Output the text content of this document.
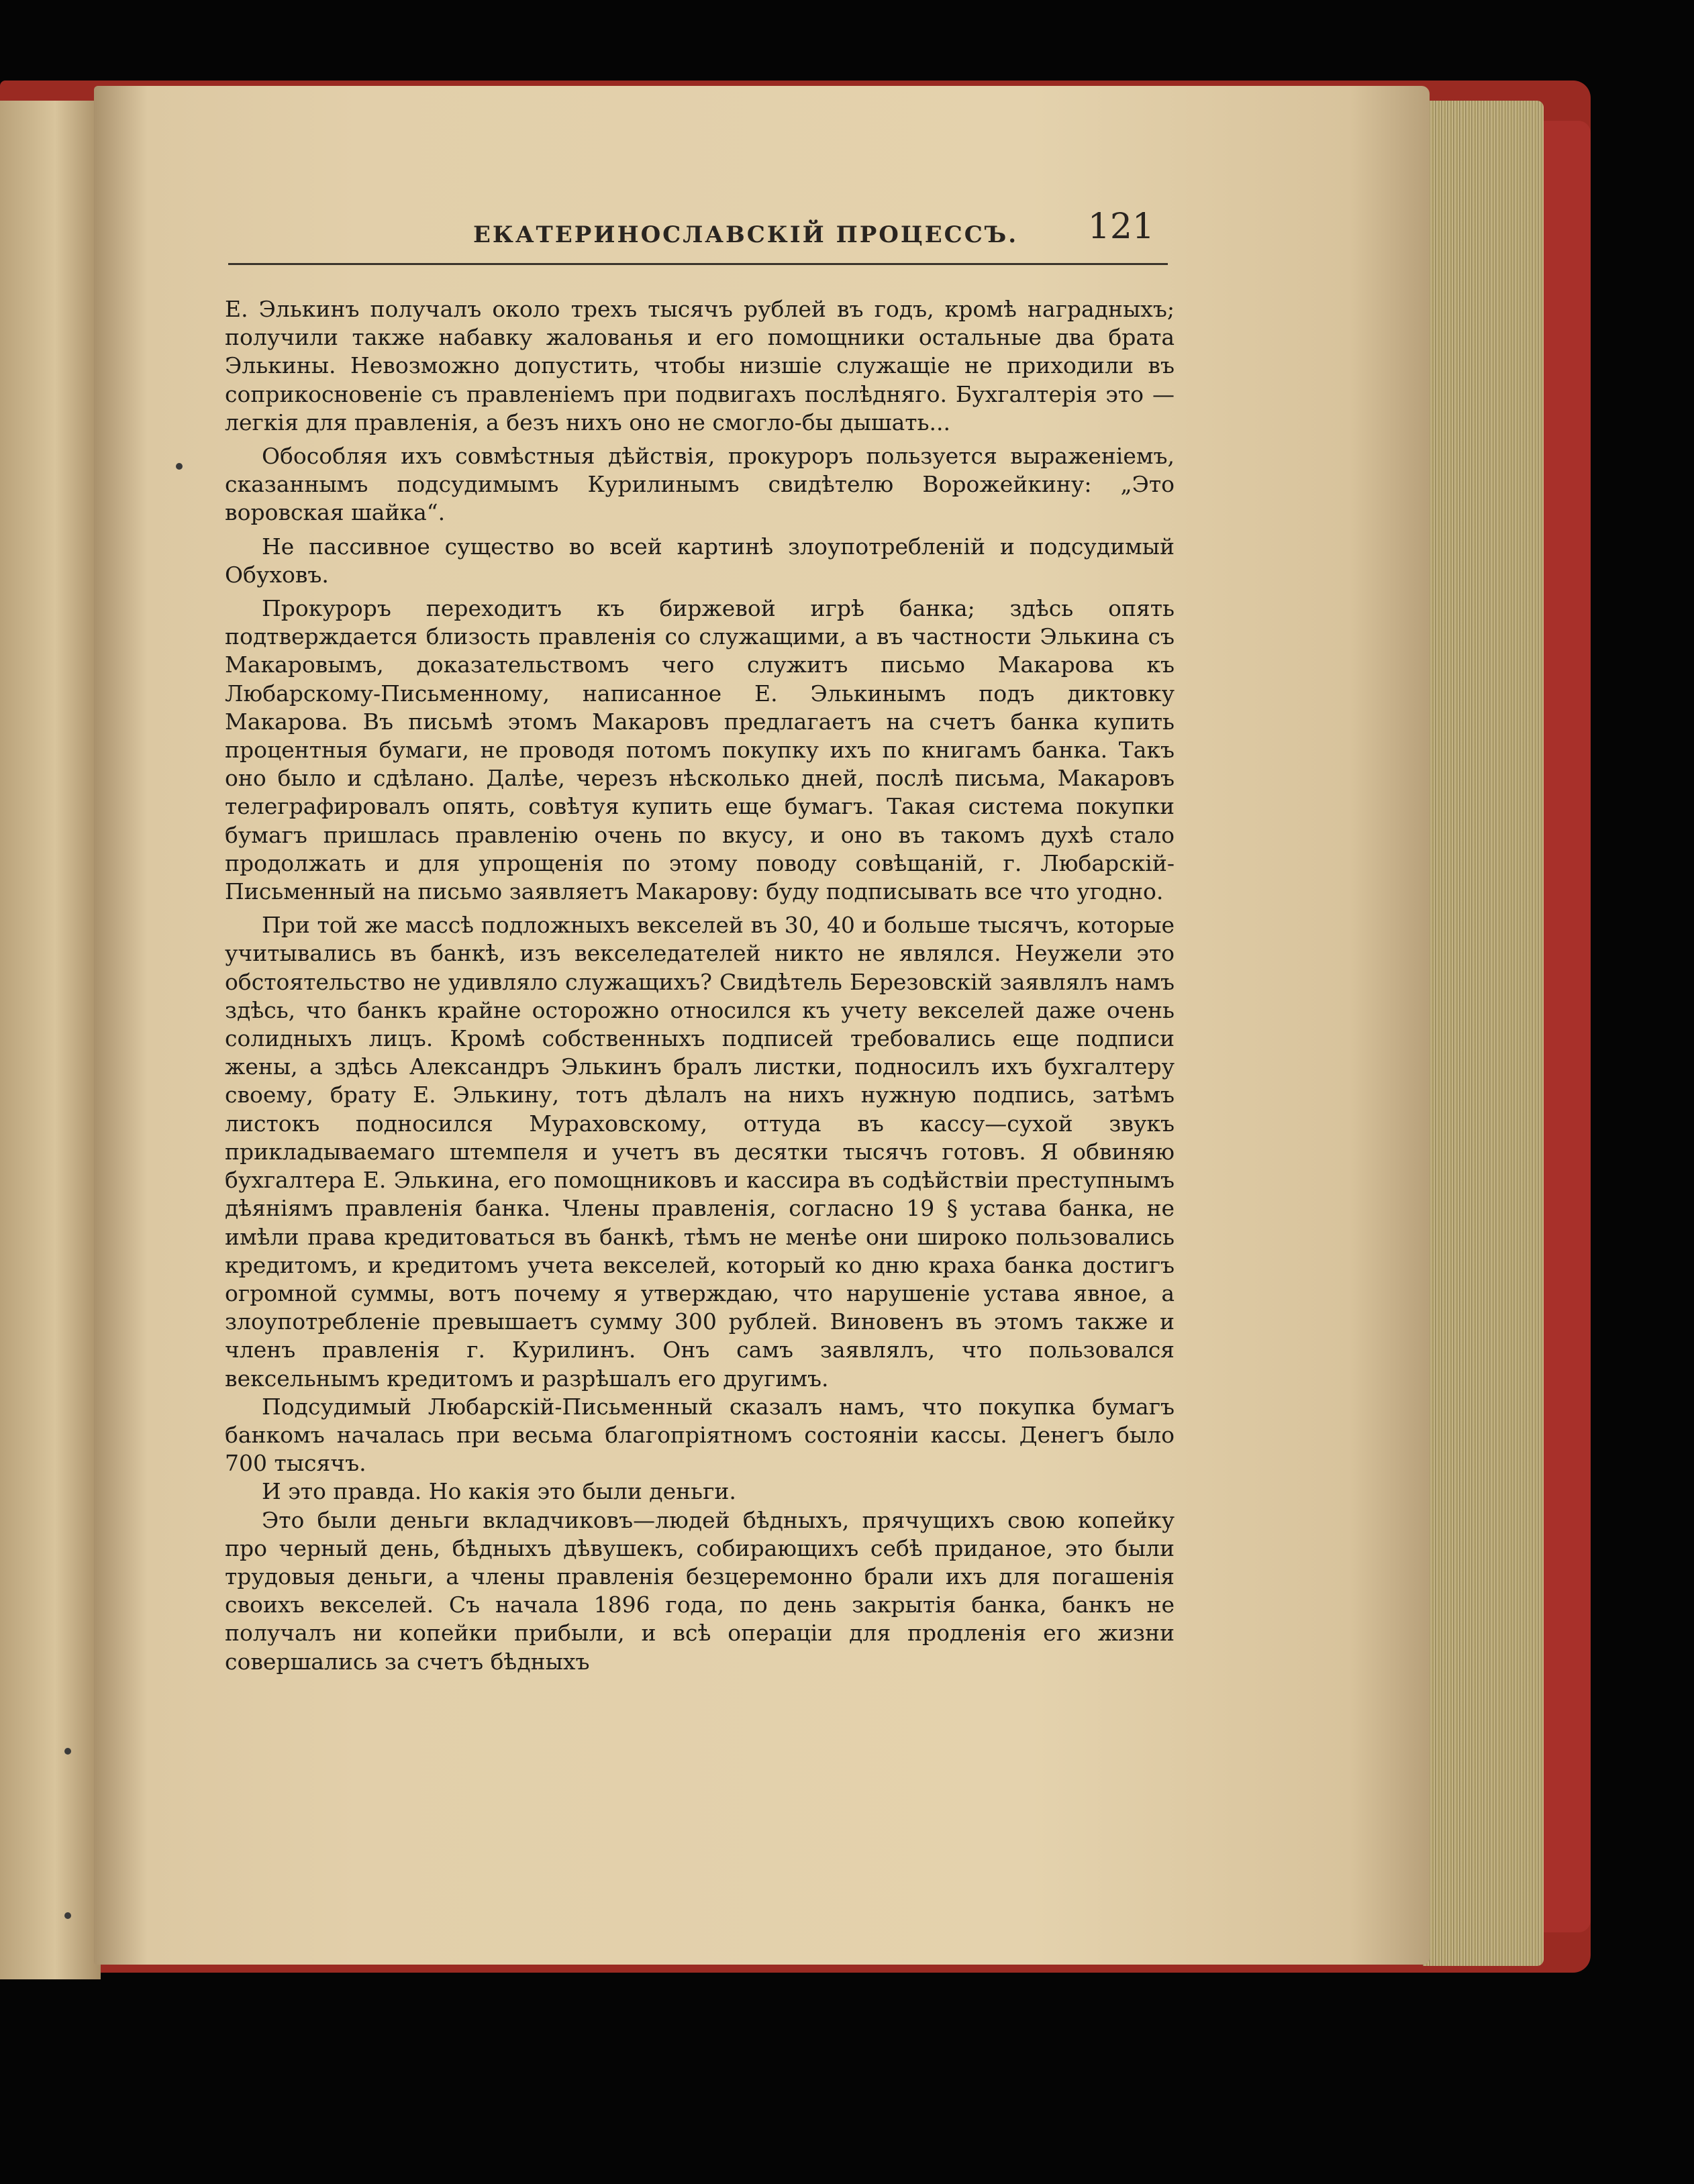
ЕКАТЕРИНОСЛАВСКІЙ ПРОЦЕССЪ. 121

Е. Элькинъ получалъ около трехъ тысячъ рублей въ годъ, кромѣ наградныхъ; получили также набавку жалованья и его помощники остальные два брата Элькины. Невозможно допустить, чтобы низшіе служащіе не приходили въ соприкосновеніе съ правленіемъ при подвигахъ послѣдняго. Бухгалтерія это — легкія для правленія, а безъ нихъ оно не смогло-бы дышать...

Обособляя ихъ совмѣстныя дѣйствія, прокуроръ пользуется выраженіемъ, сказаннымъ подсудимымъ Курилинымъ свидѣтелю Ворожейкину: „Это воровская шайка“.

Не пассивное существо во всей картинѣ злоупотребленій и подсудимый Обуховъ.

Прокуроръ переходитъ къ биржевой игрѣ банка; здѣсь опять подтверждается близость правленія со служащими, а въ частности Элькина съ Макаровымъ, доказательствомъ чего служитъ письмо Макарова къ Любарскому-Письменному, написанное Е. Элькинымъ подъ диктовку Макарова. Въ письмѣ этомъ Макаровъ предлагаетъ на счетъ банка купить процентныя бумаги, не проводя потомъ покупку ихъ по книгамъ банка. Такъ оно было и сдѣлано. Далѣе, черезъ нѣсколько дней, послѣ письма, Макаровъ телеграфировалъ опять, совѣтуя купить еще бумагъ. Такая система покупки бумагъ пришлась правленію очень по вкусу, и оно въ такомъ духѣ стало продолжать и для упрощенія по этому поводу совѣщаній, г. Любарскій-Письменный на письмо заявляетъ Макарову: буду подписывать все что угодно.

При той же массѣ подложныхъ векселей въ 30, 40 и больше тысячъ, которые учитывались въ банкѣ, изъ векселедателей никто не являлся. Неужели это обстоятельство не удивляло служащихъ? Свидѣтель Березовскій заявлялъ намъ здѣсь, что банкъ крайне осторожно относился къ учету векселей даже очень солидныхъ лицъ. Кромѣ собственныхъ подписей требовались еще подписи жены, а здѣсь Александръ Элькинъ бралъ листки, подносилъ ихъ бухгалтеру своему, брату Е. Элькину, тотъ дѣлалъ на нихъ нужную подпись, затѣмъ листокъ подносился Мураховскому, оттуда въ кассу—сухой звукъ прикладываемаго штемпеля и учетъ въ десятки тысячъ готовъ. Я обвиняю бухгалтера Е. Элькина, его помощниковъ и кассира въ содѣйствіи преступнымъ дѣяніямъ правленія банка. Члены правленія, согласно 19 § устава банка, не имѣли права кредитоваться въ банкѣ, тѣмъ не менѣе они широко пользовались кредитомъ, и кредитомъ учета векселей, который ко дню краха банка достигъ огромной суммы, вотъ почему я утверждаю, что нарушеніе устава явное, а злоупотребленіе превышаетъ сумму 300 рублей. Виновенъ въ этомъ также и членъ правленія г. Курилинъ. Онъ самъ заявлялъ, что пользовался вексельнымъ кредитомъ и разрѣшалъ его другимъ.

Подсудимый Любарскій-Письменный сказалъ намъ, что покупка бумагъ банкомъ началась при весьма благопріятномъ состояніи кассы. Денегъ было 700 тысячъ.

И это правда. Но какія это были деньги.

Это были деньги вкладчиковъ—людей бѣдныхъ, прячущихъ свою копейку про черный день, бѣдныхъ дѣвушекъ, собирающихъ себѣ приданое, это были трудовыя деньги, а члены правленія безцеремонно брали ихъ для погашенія своихъ векселей. Съ начала 1896 года, по день закрытія банка, банкъ не получалъ ни копейки прибыли, и всѣ операціи для продленія его жизни совершались за счетъ бѣдныхъ
